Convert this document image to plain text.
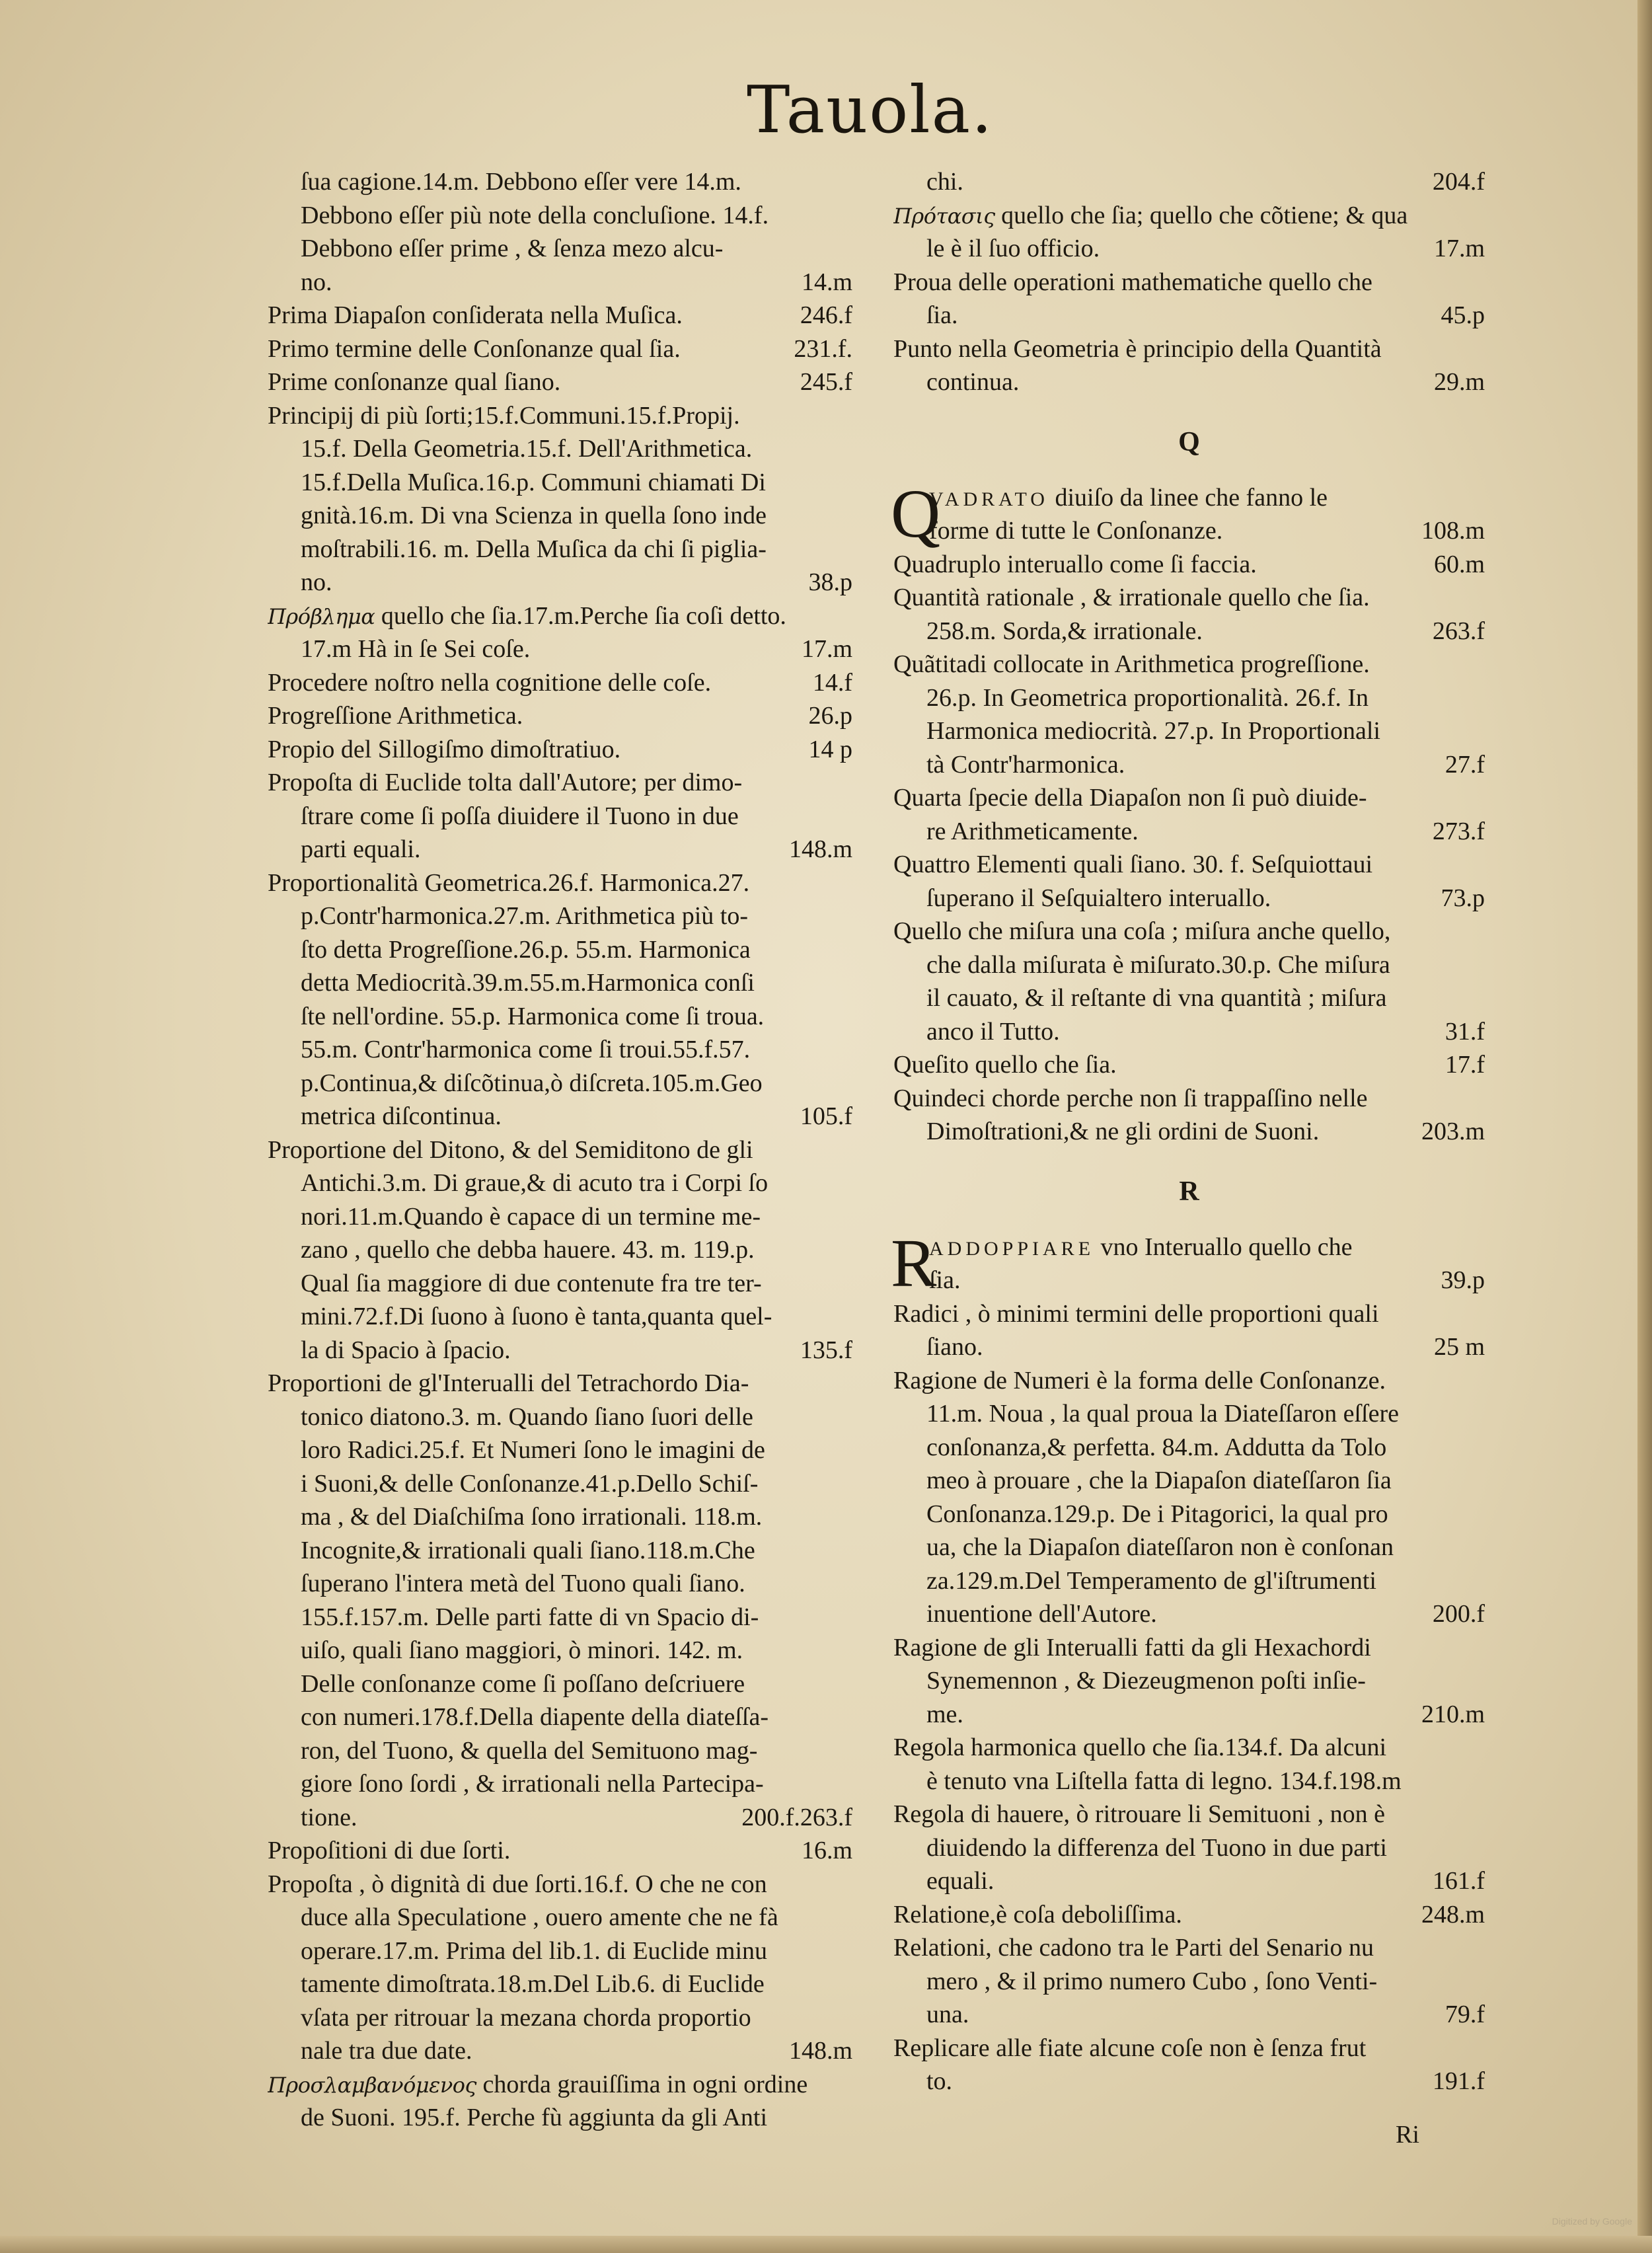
Tauola.
ſua cagione.14.m. Debbono eſſer vere 14.m.
Debbono eſſer più note della concluſione. 14.f.
Debbono eſſer prime , & ſenza mezo alcu-
no.	14.m
Prima Diapaſon conſiderata nella Muſica.	246.f
Primo termine delle Conſonanze qual ſia.	231.f.
Prime conſonanze qual ſiano.	245.f
Principij di più ſorti;15.f.Communi.15.f.Propij.
15.f. Della Geometria.15.f. Dell'Arithmetica.
15.f.Della Muſica.16.p. Communi chiamati Di
gnità.16.m. Di vna Scienza in quella ſono inde
moſtrabili.16. m. Della Muſica da chi ſi piglia-
no.	38.p
Πρόβλημα quello che ſia.17.m.Perche ſia coſi detto.
17.m Hà in ſe Sei coſe.	17.m
Procedere noſtro nella cognitione delle coſe.	14.f
Progreſſione Arithmetica.	26.p
Propio del Sillogiſmo dimoſtratiuo.	14 p
Propoſta di Euclide tolta dall'Autore; per dimo-
ſtrare come ſi poſſa diuidere il Tuono in due
parti equali.	148.m
Proportionalità Geometrica.26.f. Harmonica.27.
p.Contr'harmonica.27.m. Arithmetica più to-
ſto detta Progreſſione.26.p. 55.m. Harmonica
detta Mediocrità.39.m.55.m.Harmonica conſi
ſte nell'ordine. 55.p. Harmonica come ſi troua.
55.m. Contr'harmonica come ſi troui.55.f.57.
p.Continua,& diſcõtinua,ò diſcreta.105.m.Geo
metrica diſcontinua.	105.f
Proportione del Ditono, & del Semiditono de gli
Antichi.3.m. Di graue,& di acuto tra i Corpi ſo
nori.11.m.Quando è capace di un termine me-
zano , quello che debba hauere. 43. m. 119.p.
Qual ſia maggiore di due contenute fra tre ter-
mini.72.f.Di ſuono à ſuono è tanta,quanta quel-
la di Spacio à ſpacio.	135.f
Proportioni de gl'Interualli del Tetrachordo Dia-
tonico diatono.3. m. Quando ſiano ſuori delle
loro Radici.25.f. Et Numeri ſono le imagini de
i Suoni,& delle Conſonanze.41.p.Dello Schiſ-
ma , & del Diaſchiſma ſono irrationali. 118.m.
Incognite,& irrationali quali ſiano.118.m.Che
ſuperano l'intera metà del Tuono quali ſiano.
155.f.157.m. Delle parti fatte di vn Spacio di-
uiſo, quali ſiano maggiori, ò minori. 142. m.
Delle conſonanze come ſi poſſano deſcriuere
con numeri.178.f.Della diapente della diateſſa-
ron, del Tuono, & quella del Semituono mag-
giore ſono ſordi , & irrationali nella Partecipa-
tione.	200.f.263.f
Propoſitioni di due ſorti.	16.m
Propoſta , ò dignità di due ſorti.16.f. O che ne con
duce alla Speculatione , ouero amente che ne fà
operare.17.m. Prima del lib.1. di Euclide minu
tamente dimoſtrata.18.m.Del Lib.6. di Euclide
vſata per ritrouar la mezana chorda proportio
nale tra due date.	148.m
Προσλαμβανόμενος chorda grauiſſima in ogni ordine
de Suoni. 195.f. Perche fù aggiunta da gli Anti
chi.	204.f
Πρότασις quello che ſia; quello che cõtiene; & qua
le è il ſuo officio.	17.m
Proua delle operationi mathematiche quello che
ſia.	45.p
Punto nella Geometria è principio della Quantità
continua.	29.m
Q
Q
VADRATO diuiſo da linee che fanno le
forme di tutte le Conſonanze.	108.m
Quadruplo interuallo come ſi faccia.	60.m
Quantità rationale , & irrationale quello che ſia.
258.m. Sorda,& irrationale.	263.f
Quãtitadi collocate in Arithmetica progreſſione.
26.p. In Geometrica proportionalità. 26.f. In
Harmonica mediocrità. 27.p. In Proportionali
tà Contr'harmonica.	27.f
Quarta ſpecie della Diapaſon non ſi può diuide-
re Arithmeticamente.	273.f
Quattro Elementi quali ſiano. 30. f. Seſquiottaui
ſuperano il Seſquialtero interuallo.	73.p
Quello che miſura una coſa ; miſura anche quello,
che dalla miſurata è miſurato.30.p. Che miſura
il cauato, & il reſtante di vna quantità ; miſura
anco il Tutto.	31.f
Queſito quello che ſia.	17.f
Quindeci chorde perche non ſi trappaſſino nelle
Dimoſtrationi,& ne gli ordini de Suoni.	203.m
R
R
ADDOPPIARE vno Interuallo quello che
ſia.	39.p
Radici , ò minimi termini delle proportioni quali
ſiano.	25 m
Ragione de Numeri è la forma delle Conſonanze.
11.m. Noua , la qual proua la Diateſſaron eſſere
conſonanza,& perfetta. 84.m. Addutta da Tolo
meo à prouare , che la Diapaſon diateſſaron ſia
Conſonanza.129.p. De i Pitagorici, la qual pro
ua, che la Diapaſon diateſſaron non è conſonan
za.129.m.Del Temperamento de gl'iſtrumenti
inuentione dell'Autore.	200.f
Ragione de gli Interualli fatti da gli Hexachordi
Synemennon , & Diezeugmenon poſti inſie-
me.	210.m
Regola harmonica quello che ſia.134.f. Da alcuni
è tenuto vna Liſtella fatta di legno. 134.f.198.m
Regola di hauere, ò ritrouare li Semituoni , non è
diuidendo la differenza del Tuono in due parti
equali.	161.f
Relatione,è coſa deboliſſima.	248.m
Relationi, che cadono tra le Parti del Senario nu
mero , & il primo numero Cubo , ſono Venti-
una.	79.f
Replicare alle fiate alcune coſe non è ſenza frut
to.	191.f
Ri
Digitized by Google
